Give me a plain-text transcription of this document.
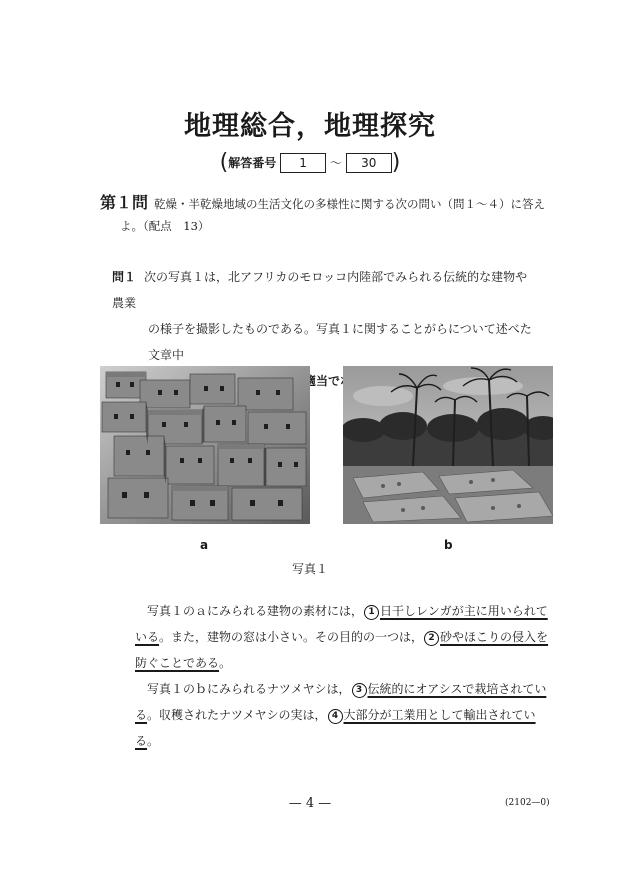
地理総合，地理探究
(解答番号 1 ～ 30 )
第１問 乾燥・半乾燥地域の生活文化の多様性に関する次の問い（問１～４）に答え
よ。（配点　13）
問１ 次の写真１は，北アフリカのモロッコ内陸部でみられる伝統的な建物や農業
の様子を撮影したものである。写真１に関することがらについて述べた文章中
a	b
写真１
写真１のａにみられる建物の素材には， 1 日干しレンガが主に用いられて
いる。また，建物の窓は小さい。その目的の一つは， 2 砂やほこりの侵入を
防ぐことである。
写真１のｂにみられるナツメヤシは， 3 伝統的にオアシスで栽培されてい
る。収穫されたナツメヤシの実は， 4 大部分が工業用として輸出されてい
る。
— 4 —	(2102—0)
